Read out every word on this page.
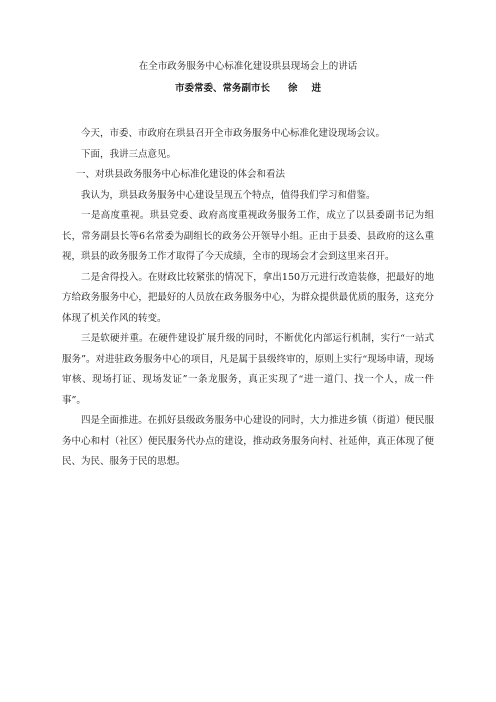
在全市政务服务中心标准化建设珙县现场会上的讲话
市委常委、常务副市长 徐 进

今天，市委、市政府在珙县召开全市政务服务中心标准化建设现场会议。

下面，我讲三点意见。

一、对珙县政务服务中心标准化建设的体会和看法

我认为，珙县政务服务中心建设呈现五个特点，值得我们学习和借鉴。

一是高度重视。珙县党委、政府高度重视政务服务工作，成立了以县委副书记为组长，常务副县长等6名常委为副组长的政务公开领导小组。正由于县委、县政府的这么重视，珙县的政务服务工作才取得了今天成绩，全市的现场会才会到这里来召开。

二是舍得投入。在财政比较紧张的情况下，拿出150万元进行改造装修，把最好的地方给政务服务中心，把最好的人员放在政务服务中心，为群众提供最优质的服务，这充分体现了机关作风的转变。

三是软硬并重。在硬件建设扩展升级的同时，不断优化内部运行机制，实行“一站式服务”。对进驻政务服务中心的项目，凡是属于县级终审的，原则上实行“现场申请，现场审核、现场打证、现场发证”一条龙服务，真正实现了“进一道门、找一个人，成一件事”。

四是全面推进。在抓好县级政务服务中心建设的同时，大力推进乡镇（街道）便民服务中心和村（社区）便民服务代办点的建设，推动政务服务向村、社延伸，真正体现了便民、为民、服务于民的思想。
